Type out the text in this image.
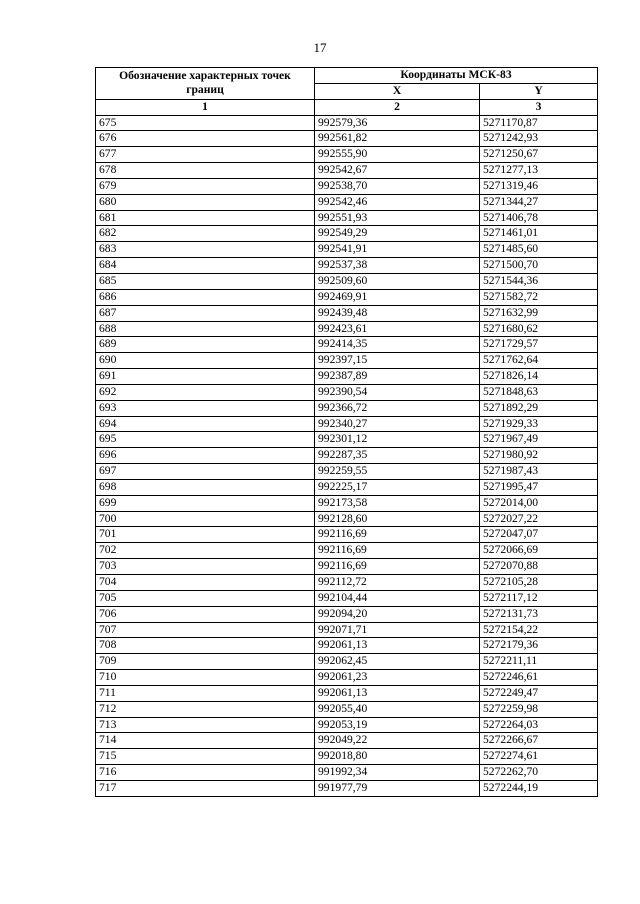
17
Обозначение характерных точек границ	Координаты МСК-83	
	X	Y
1	2	3
675	992579,36	5271170,87
676	992561,82	5271242,93
677	992555,90	5271250,67
678	992542,67	5271277,13
679	992538,70	5271319,46
680	992542,46	5271344,27
681	992551,93	5271406,78
682	992549,29	5271461,01
683	992541,91	5271485,60
684	992537,38	5271500,70
685	992509,60	5271544,36
686	992469,91	5271582,72
687	992439,48	5271632,99
688	992423,61	5271680,62
689	992414,35	5271729,57
690	992397,15	5271762,64
691	992387,89	5271826,14
692	992390,54	5271848,63
693	992366,72	5271892,29
694	992340,27	5271929,33
695	992301,12	5271967,49
696	992287,35	5271980,92
697	992259,55	5271987,43
698	992225,17	5271995,47
699	992173,58	5272014,00
700	992128,60	5272027,22
701	992116,69	5272047,07
702	992116,69	5272066,69
703	992116,69	5272070,88
704	992112,72	5272105,28
705	992104,44	5272117,12
706	992094,20	5272131,73
707	992071,71	5272154,22
708	992061,13	5272179,36
709	992062,45	5272211,11
710	992061,23	5272246,61
711	992061,13	5272249,47
712	992055,40	5272259,98
713	992053,19	5272264,03
714	992049,22	5272266,67
715	992018,80	5272274,61
716	991992,34	5272262,70
717	991977,79	5272244,19
